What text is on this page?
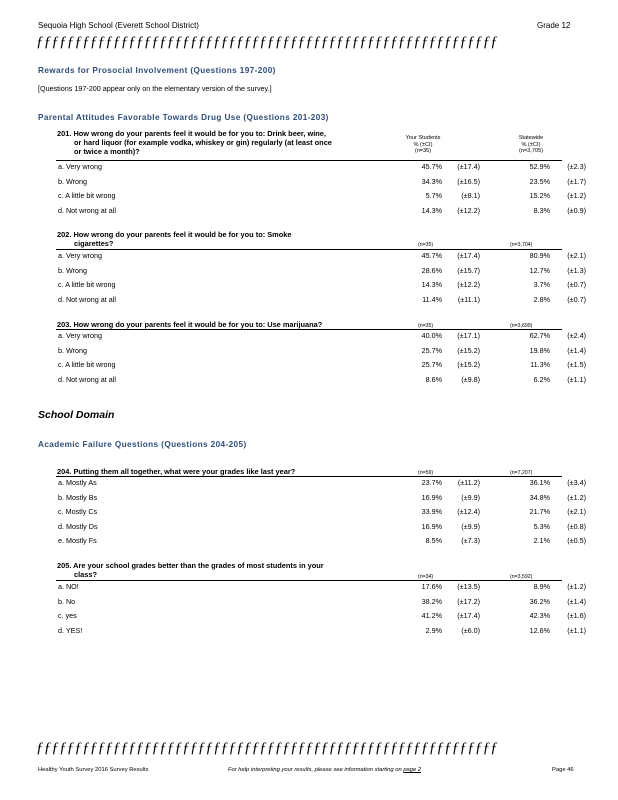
Sequoia High School (Everett School District)	Grade 12
ƒƒƒƒƒƒƒƒƒƒƒƒƒƒƒƒƒƒƒƒƒƒƒƒƒƒƒƒƒƒƒƒƒƒƒƒƒƒƒƒƒƒƒƒƒƒƒƒƒƒƒƒƒƒƒƒƒƒƒƒ
Rewards for Prosocial Involvement (Questions 197-200)
[Questions 197-200 appear only on the elementary version of the survey.]
Parental Attitudes Favorable Towards Drug Use (Questions 201-203)
Your Students
% (±CI)
(n=35)
Statewide
% (±CI)
(n=3,705)
201. How wrong do your parents feel it would be for you to: Drink beer, wine,
or hard liquor (for example vodka, whiskey or gin) regularly (at least once
or twice a month)?
202. How wrong do your parents feel it would be for you to: Smoke
cigarettes?	(n=35)	(n=3,704)
203. How wrong do your parents feel it would be for you to: Use marijuana?	(n=35)	(n=3,699)
School Domain
Academic Failure Questions (Questions 204-205)
204. Putting them all together, what were your grades like last year?	(n=59)	(n=7,207)
205. Are your school grades better than the grades of most students in your
class?	(n=34)	(n=3,592)
a. Very wrong	45.7%	(±17.4)	52.9%	(±2.3)
b. Wrong	34.3%	(±16.5)	23.5%	(±1.7)
c. A little bit wrong	5.7%	(±8.1)	15.2%	(±1.2)
d. Not wrong at all	14.3%	(±12.2)	8.3%	(±0.9)
a. Very wrong	45.7%	(±17.4)	80.9%	(±2.1)
b. Wrong	28.6%	(±15.7)	12.7%	(±1.3)
c. A little bit wrong	14.3%	(±12.2)	3.7%	(±0.7)
d. Not wrong at all	11.4%	(±11.1)	2.8%	(±0.7)
a. Very wrong	40.0%	(±17.1)	62.7%	(±2.4)
b. Wrong	25.7%	(±15.2)	19.8%	(±1.4)
c. A little bit wrong	25.7%	(±15.2)	11.3%	(±1.5)
d. Not wrong at all	8.6%	(±9.8)	6.2%	(±1.1)
a. Mostly As	23.7%	(±11.2)	36.1%	(±3.4)
b. Mostly Bs	16.9%	(±9.9)	34.8%	(±1.2)
c. Mostly Cs	33.9%	(±12.4)	21.7%	(±2.1)
d. Mostly Ds	16.9%	(±9.9)	5.3%	(±0.8)
e. Mostly Fs	8.5%	(±7.3)	2.1%	(±0.5)
a. NO!	17.6%	(±13.5)	8.9%	(±1.2)
b. No	38.2%	(±17.2)	36.2%	(±1.4)
c. yes	41.2%	(±17.4)	42.3%	(±1.6)
d. YES!	2.9%	(±6.0)	12.6%	(±1.1)
ƒƒƒƒƒƒƒƒƒƒƒƒƒƒƒƒƒƒƒƒƒƒƒƒƒƒƒƒƒƒƒƒƒƒƒƒƒƒƒƒƒƒƒƒƒƒƒƒƒƒƒƒƒƒƒƒƒƒƒƒ
Healthy Youth Survey 2016 Survey Results	For help interpreting your results, please see information starting on page 2	Page 46
